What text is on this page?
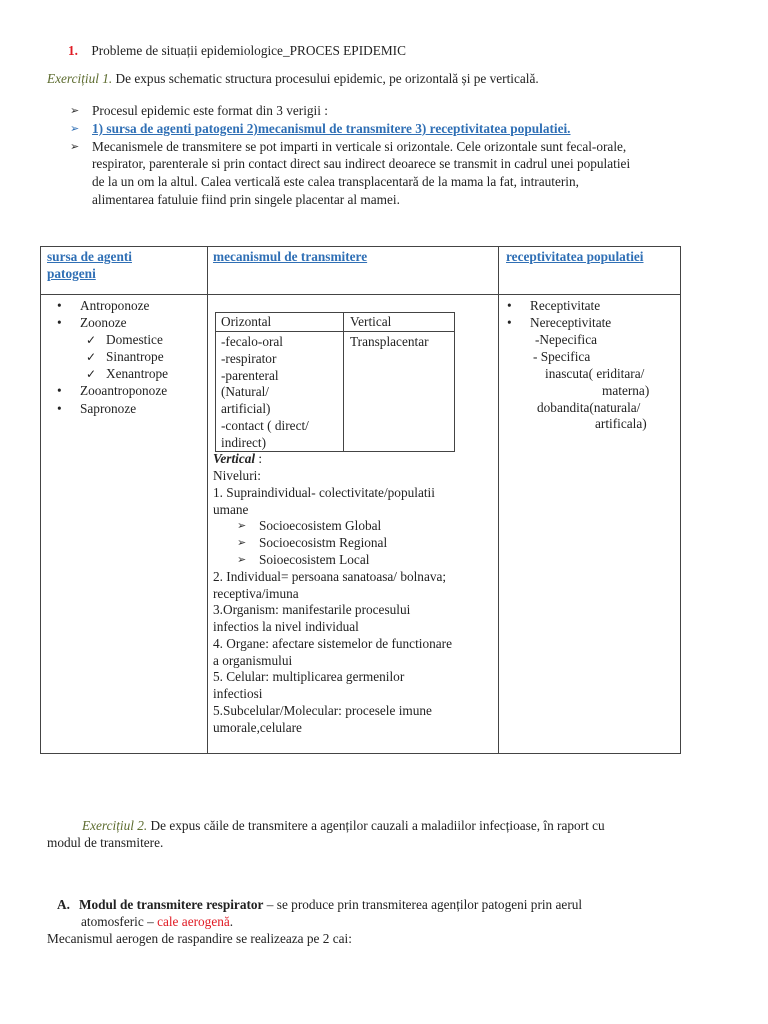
1. Probleme de situații epidemiologice_PROCES EPIDEMIC
Exercițiul 1. De expus schematic structura procesului epidemic, pe orizontală și pe verticală.
➢ Procesul epidemic este format din 3 verigii :
➢ 1) sursa de agenti patogeni 2)mecanismul de transmitere 3) receptivitatea populatiei.
➢ Mecanismele de transmitere se pot imparti in verticale si orizontale. Cele orizontale sunt fecal-orale,
respirator, parenterale si prin contact direct sau indirect deoarece se transmit in cadrul unei populatiei
de la un om la altul. Calea verticală este calea transplacentară de la mama la fat, intrauterin,
alimentarea fatuluie fiind prin singele placentar al mamei.
sursa de agenti
patogeni
mecanismul de transmitere	receptivitatea populatiei
• Antroponoze
• Zoonoze
✓ Domestice
✓ Sinantrope
✓ Xenantrope
• Zooantroponoze
• Sapronoze
Orizontal	Vertical
-fecalo-oral
-respirator
-parenteral
(Natural/
artificial)
-contact ( direct/
indirect)
Transplacentar
Vertical :
Niveluri:
1. Supraindividual- colectivitate/populatii
umane
➢ Socioecosistem Global
➢ Socioecosistm Regional
➢ Soioecosistem Local
2. Individual= persoana sanatoasa/ bolnava;
receptiva/imuna
3.Organism: manifestarile procesului
infectios la nivel individual
4. Organe: afectare sistemelor de functionare
a organismului
5. Celular: multiplicarea germenilor
infectiosi
5.Subcelular/Molecular: procesele imune
umorale,celulare
• Receptivitate
• Nereceptivitate
-Nepecifica
- Specifica
inascuta( eriditara/
materna)
dobandita(naturala/
artificala)
Exercițiul 2. De expus căile de transmitere a agenților cauzali a maladiilor infecțioase, în raport cu
modul de transmitere.
A. Modul de transmitere respirator – se produce prin transmiterea agenților patogeni prin aerul
atomosferic – cale aerogenă.
Mecanismul aerogen de raspandire se realizeaza pe 2 cai:
